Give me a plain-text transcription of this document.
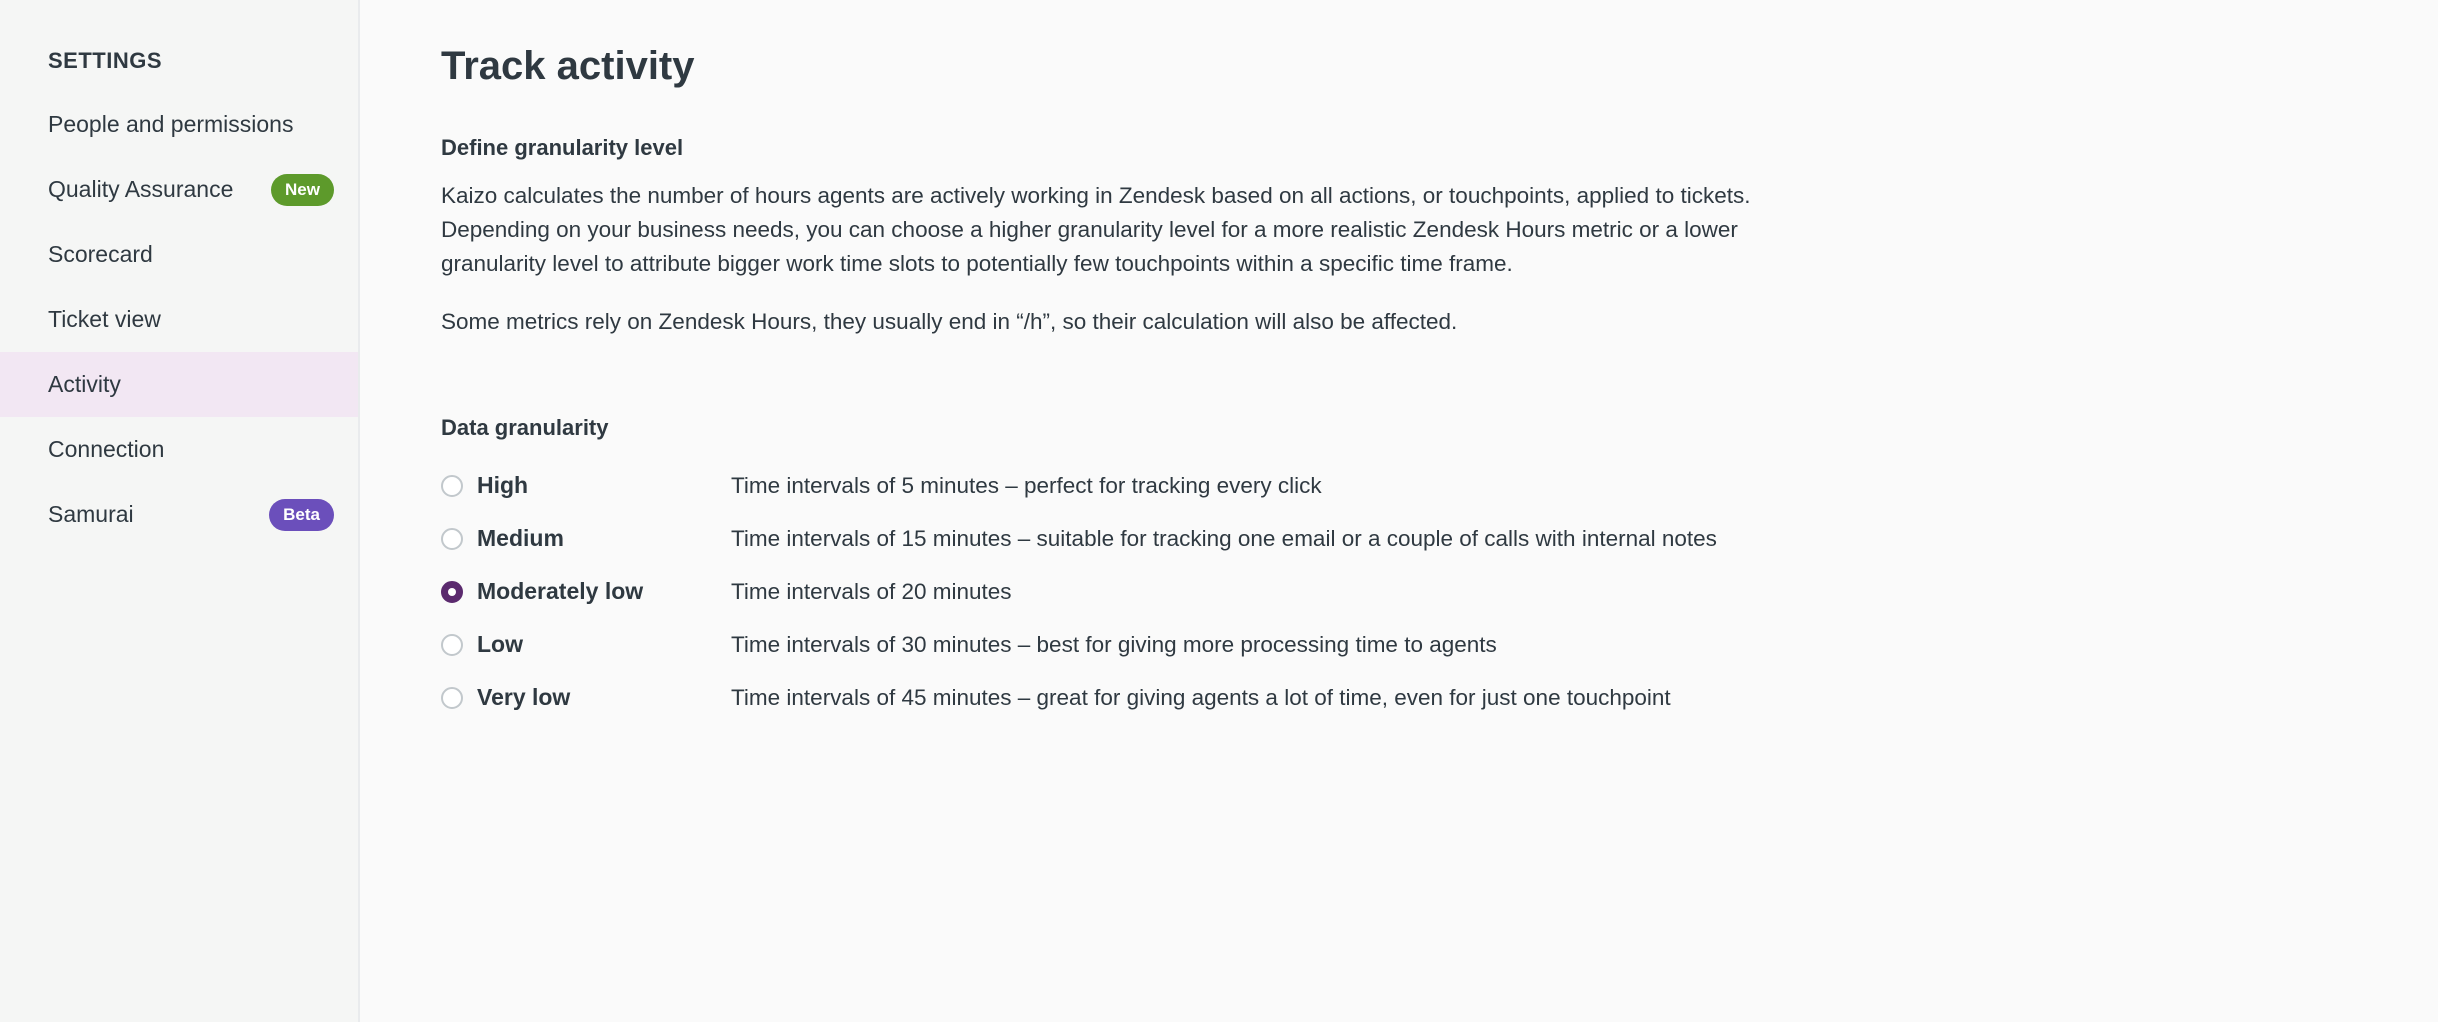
SETTINGS
People and permissions
Quality Assurance	New
Scorecard
Ticket view
Activity
Connection
Samurai	Beta
Track activity
Define granularity level

Kaizo calculates the number of hours agents are actively working in Zendesk based on all actions, or touchpoints, applied to tickets. Depending on your business needs, you can choose a higher granularity level for a more realistic Zendesk Hours metric or a lower granularity level to attribute bigger work time slots to potentially few touchpoints within a specific time frame.

Some metrics rely on Zendesk Hours, they usually end in “/h”, so their calculation will also be affected.

Data granularity
High	Time intervals of 5 minutes – perfect for tracking every click
Medium	Time intervals of 15 minutes – suitable for tracking one email or a couple of calls with internal notes
Moderately low	Time intervals of 20 minutes
Low	Time intervals of 30 minutes – best for giving more processing time to agents
Very low	Time intervals of 45 minutes – great for giving agents a lot of time, even for just one touchpoint
